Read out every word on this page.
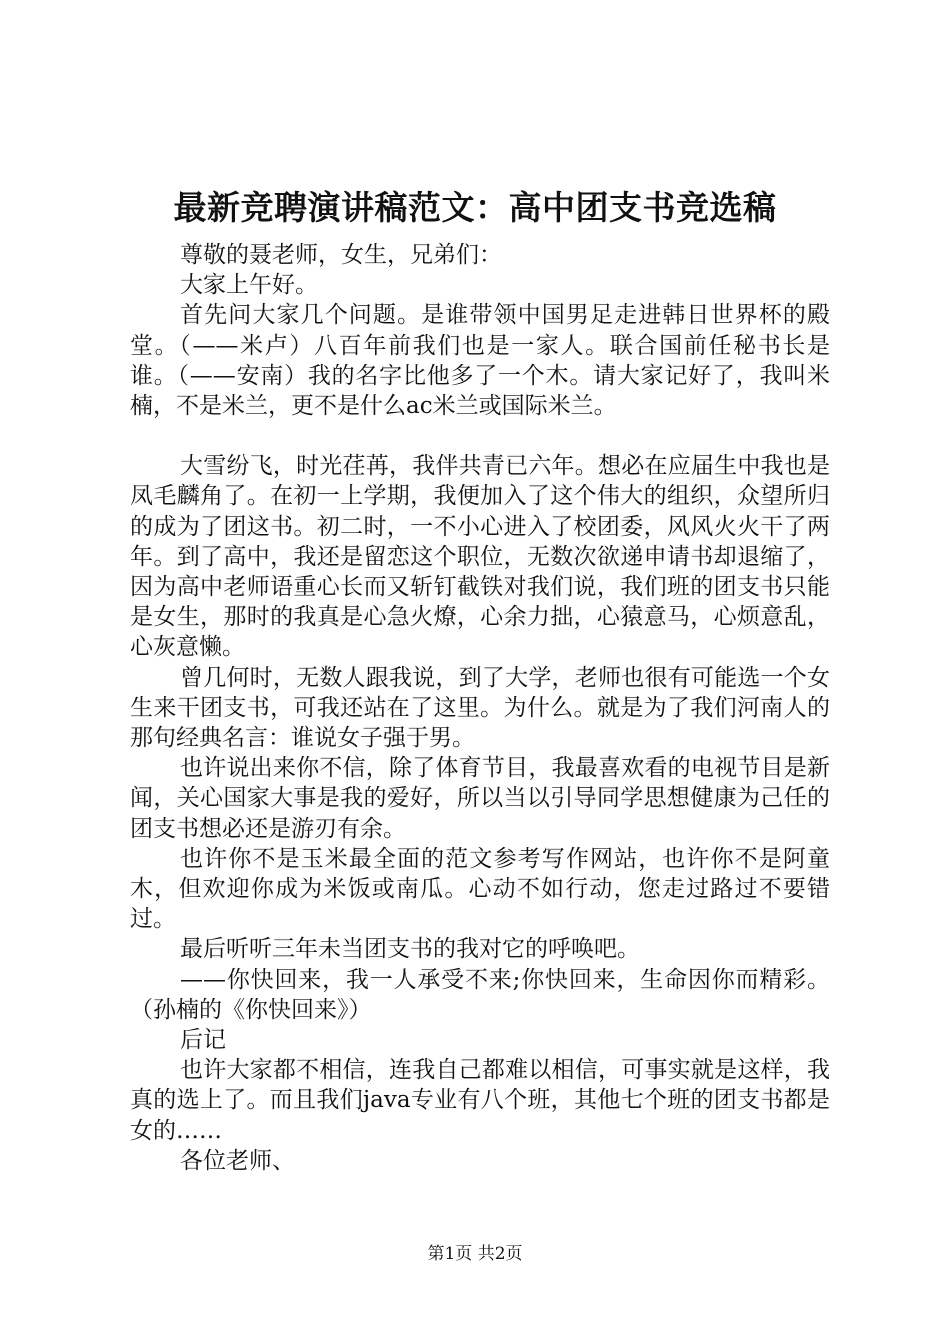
最新竞聘演讲稿范文：高中团支书竞选稿

尊敬的聂老师，女生，兄弟们：

大家上午好。

首先问大家几个问题。是谁带领中国男足走进韩日世界杯的殿堂。（——米卢）八百年前我们也是一家人。联合国前任秘书长是谁。（——安南）我的名字比他多了一个木。请大家记好了，我叫米楠，不是米兰，更不是什么ac米兰或国际米兰。

大雪纷飞，时光荏苒，我伴共青已六年。想必在应届生中我也是凤毛麟角了。在初一上学期，我便加入了这个伟大的组织，众望所归的成为了团这书。初二时，一不小心进入了校团委，风风火火干了两年。到了高中，我还是留恋这个职位，无数次欲递申请书却退缩了，因为高中老师语重心长而又斩钉截铁对我们说，我们班的团支书只能是女生，那时的我真是心急火燎，心余力拙，心猿意马，心烦意乱，心灰意懒。

曾几何时，无数人跟我说，到了大学，老师也很有可能选一个女生来干团支书，可我还站在了这里。为什么。就是为了我们河南人的那句经典名言：谁说女子强于男。

也许说出来你不信，除了体育节目，我最喜欢看的电视节目是新闻，关心国家大事是我的爱好，所以当以引导同学思想健康为己任的团支书想必还是游刃有余。

也许你不是玉米最全面的范文参考写作网站，也许你不是阿童木，但欢迎你成为米饭或南瓜。心动不如行动，您走过路过不要错过。

最后听听三年未当团支书的我对它的呼唤吧。

——你快回来，我一人承受不来;你快回来，生命因你而精彩。（孙楠的《你快回来》）

后记

也许大家都不相信，连我自己都难以相信，可事实就是这样，我真的选上了。而且我们java专业有八个班，其他七个班的团支书都是女的……

各位老师、

第1页 共2页
